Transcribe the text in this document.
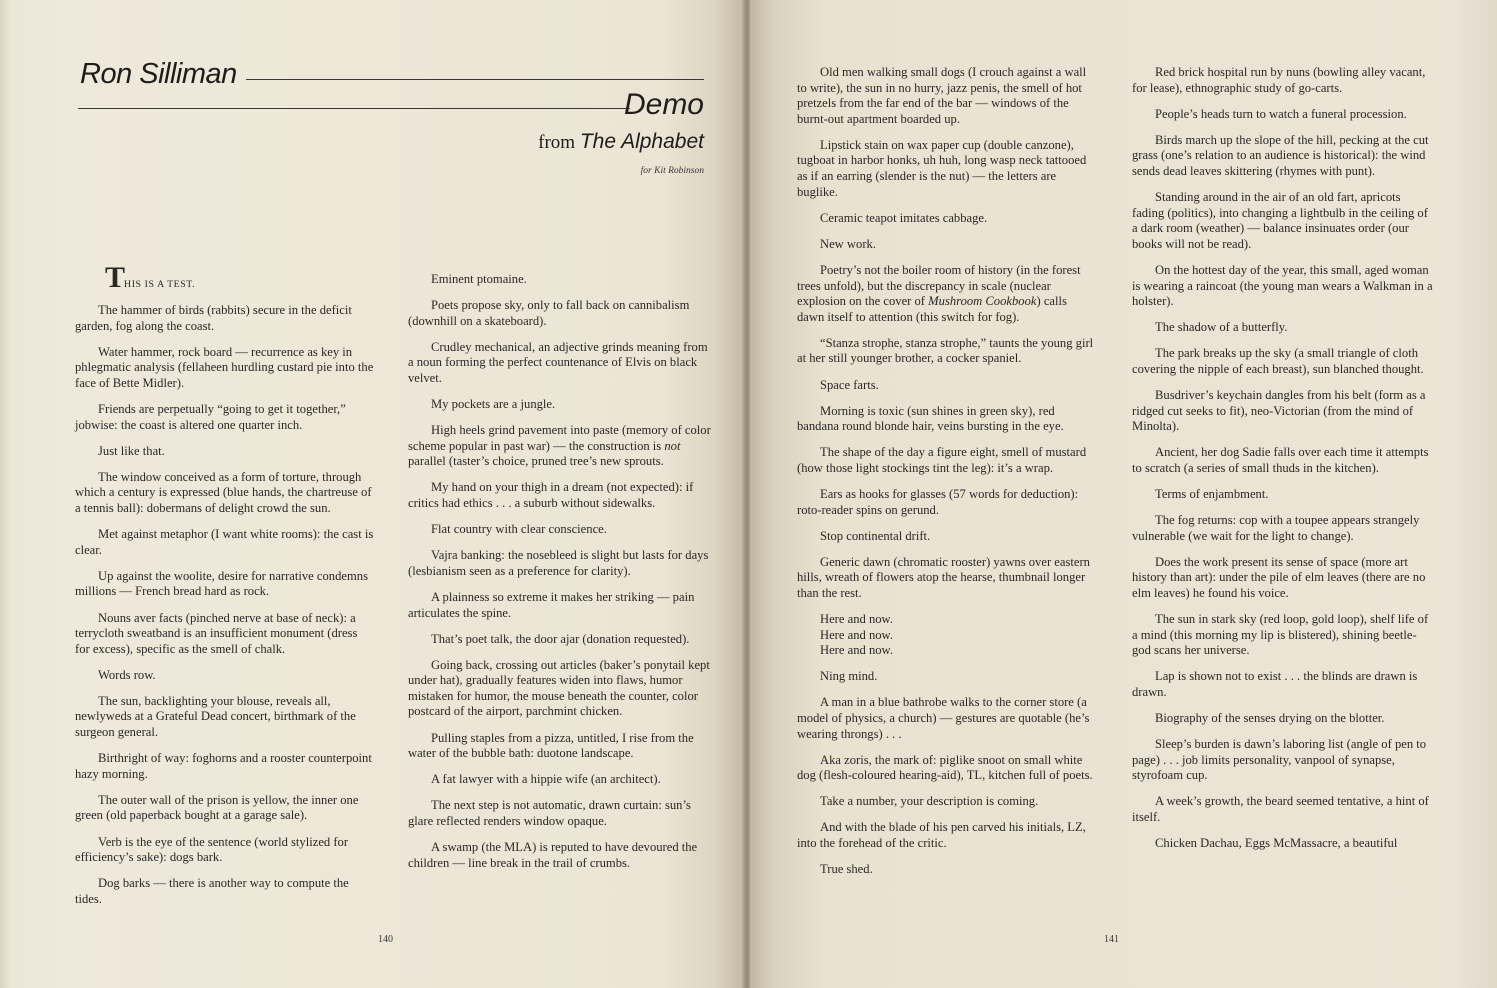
Ron Silliman
Demo
from The Alphabet
for Kit Robinson

THIS IS A TEST.

The hammer of birds (rabbits) secure in the deficit garden, fog along the coast.

Water hammer, rock board — recurrence as key in phlegmatic analysis (fellaheen hurdling custard pie into the face of Bette Midler).

Friends are perpetually “going to get it together,” jobwise: the coast is altered one quarter inch.

Just like that.

The window conceived as a form of torture, through which a century is expressed (blue hands, the chartreuse of a tennis ball): dobermans of delight crowd the sun.

Met against metaphor (I want white rooms): the cast is clear.

Up against the woolite, desire for narrative condemns millions — French bread hard as rock.

Nouns aver facts (pinched nerve at base of neck): a terrycloth sweatband is an insufficient monument (dress for excess), specific as the smell of chalk.

Words row.

The sun, backlighting your blouse, reveals all, newlyweds at a Grateful Dead concert, birthmark of the surgeon general.

Birthright of way: foghorns and a rooster counterpoint hazy morning.

The outer wall of the prison is yellow, the inner one green (old paperback bought at a garage sale).

Verb is the eye of the sentence (world stylized for efficiency’s sake): dogs bark.

Dog barks — there is another way to compute the tides.

Eminent ptomaine.

Poets propose sky, only to fall back on cannibalism (downhill on a skateboard).

Crudley mechanical, an adjective grinds meaning from a noun forming the perfect countenance of Elvis on black velvet.

My pockets are a jungle.

High heels grind pavement into paste (memory of color scheme popular in past war) — the construction is not parallel (taster’s choice, pruned tree’s new sprouts.

My hand on your thigh in a dream (not expected): if critics had ethics . . . a suburb without sidewalks.

Flat country with clear conscience.

Vajra banking: the nosebleed is slight but lasts for days (lesbianism seen as a preference for clarity).

A plainness so extreme it makes her striking — pain articulates the spine.

That’s poet talk, the door ajar (donation requested).

Going back, crossing out articles (baker’s ponytail kept under hat), gradually features widen into flaws, humor mistaken for humor, the mouse beneath the counter, color postcard of the airport, parchmint chicken.

Pulling staples from a pizza, untitled, I rise from the water of the bubble bath: duotone landscape.

A fat lawyer with a hippie wife (an architect).

The next step is not automatic, drawn curtain: sun’s glare reflected renders window opaque.

A swamp (the MLA) is reputed to have devoured the children — line break in the trail of crumbs.

140	141

Old men walking small dogs (I crouch against a wall to write), the sun in no hurry, jazz penis, the smell of hot pretzels from the far end of the bar — windows of the burnt-out apartment boarded up.

Lipstick stain on wax paper cup (double canzone), tugboat in harbor honks, uh huh, long wasp neck tattooed as if an earring (slender is the nut) — the letters are buglike.

Ceramic teapot imitates cabbage.

New work.

Poetry’s not the boiler room of history (in the forest trees unfold), but the discrepancy in scale (nuclear explosion on the cover of Mushroom Cookbook) calls dawn itself to attention (this switch for fog).

“Stanza strophe, stanza strophe,” taunts the young girl at her still younger brother, a cocker spaniel.

Space farts.

Morning is toxic (sun shines in green sky), red bandana round blonde hair, veins bursting in the eye.

The shape of the day a figure eight, smell of mustard (how those light stockings tint the leg): it’s a wrap.

Ears as hooks for glasses (57 words for deduction): roto-reader spins on gerund.

Stop continental drift.

Generic dawn (chromatic rooster) yawns over eastern hills, wreath of flowers atop the hearse, thumbnail longer than the rest.

Here and now.
Here and now.
Here and now.

Ning mind.

A man in a blue bathrobe walks to the corner store (a model of physics, a church) — gestures are quotable (he’s wearing throngs) . . .

Aka zoris, the mark of: piglike snoot on small white dog (flesh-coloured hearing-aid), TL, kitchen full of poets.

Take a number, your description is coming.

And with the blade of his pen carved his initials, LZ, into the forehead of the critic.

True shed.

Red brick hospital run by nuns (bowling alley vacant, for lease), ethnographic study of go-carts.

People’s heads turn to watch a funeral procession.

Birds march up the slope of the hill, pecking at the cut grass (one’s relation to an audience is historical): the wind sends dead leaves skittering (rhymes with punt).

Standing around in the air of an old fart, apricots fading (politics), into changing a lightbulb in the ceiling of a dark room (weather) — balance insinuates order (our books will not be read).

On the hottest day of the year, this small, aged woman is wearing a raincoat (the young man wears a Walkman in a holster).

The shadow of a butterfly.

The park breaks up the sky (a small triangle of cloth covering the nipple of each breast), sun blanched thought.

Busdriver’s keychain dangles from his belt (form as a ridged cut seeks to fit), neo-Victorian (from the mind of Minolta).

Ancient, her dog Sadie falls over each time it attempts to scratch (a series of small thuds in the kitchen).

Terms of enjambment.

The fog returns: cop with a toupee appears strangely vulnerable (we wait for the light to change).

Does the work present its sense of space (more art history than art): under the pile of elm leaves (there are no elm leaves) he found his voice.

The sun in stark sky (red loop, gold loop), shelf life of a mind (this morning my lip is blistered), shining beetle-god scans her universe.

Lap is shown not to exist . . . the blinds are drawn is drawn.

Biography of the senses drying on the blotter.

Sleep’s burden is dawn’s laboring list (angle of pen to page) . . . job limits personality, vanpool of synapse, styrofoam cup.

A week’s growth, the beard seemed tentative, a hint of itself.

Chicken Dachau, Eggs McMassacre, a beautiful
